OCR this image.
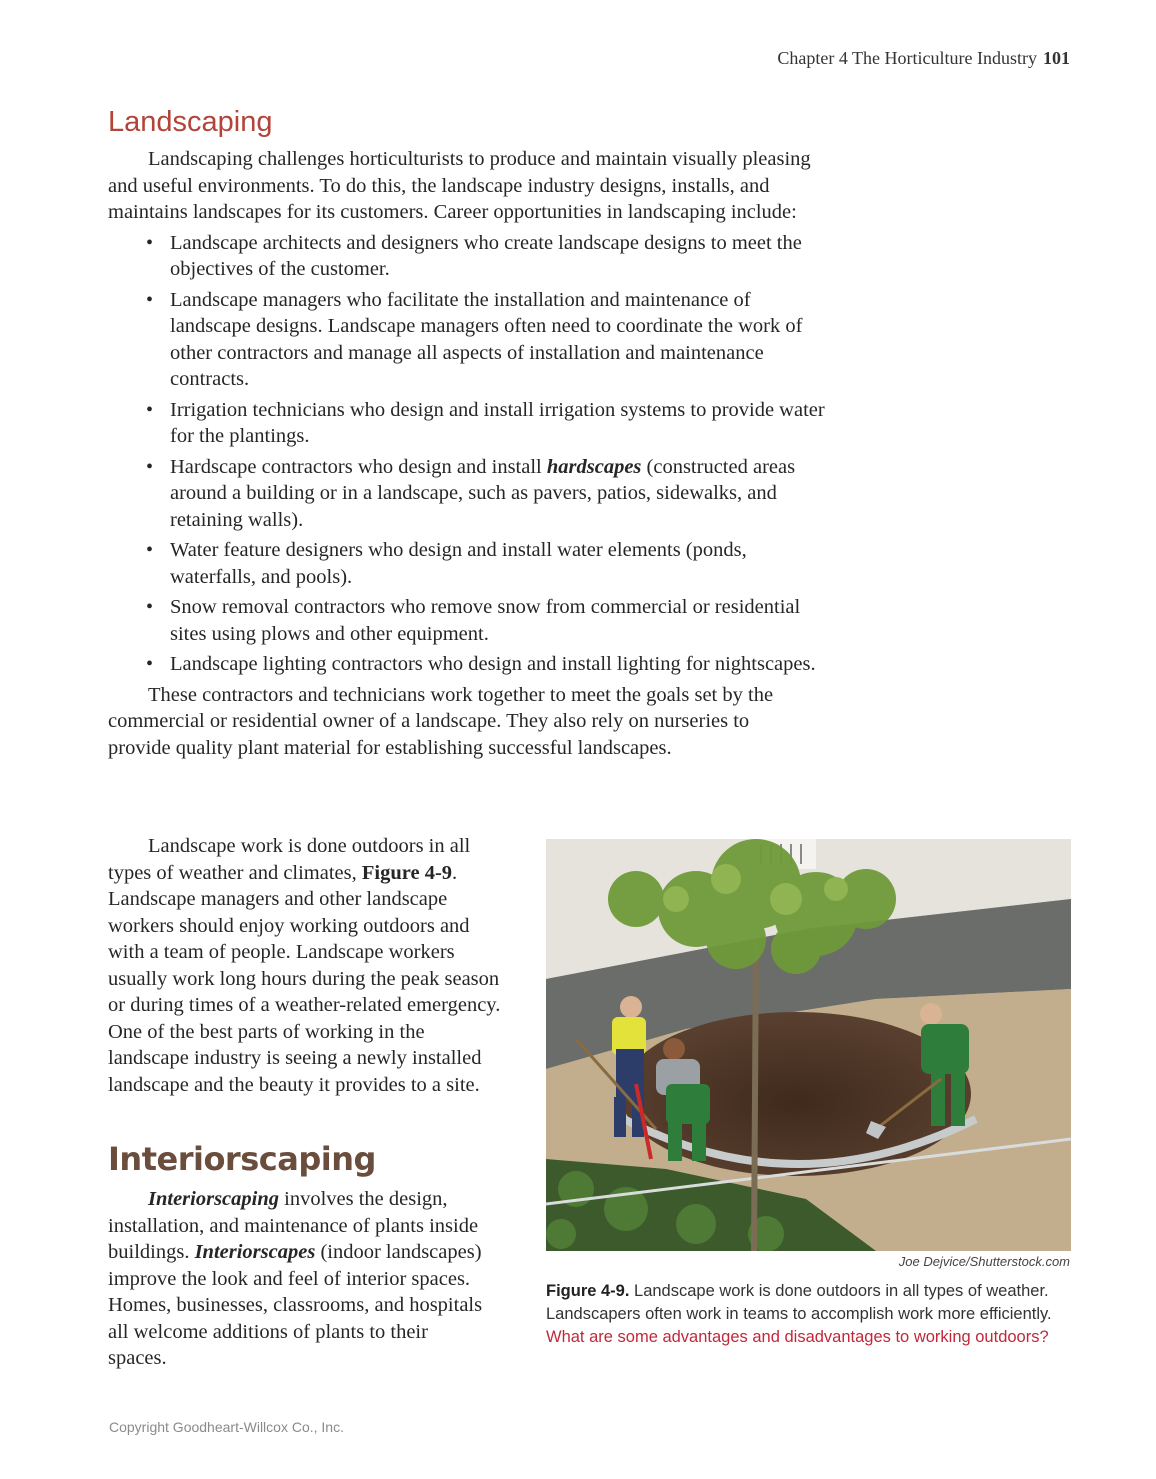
Chapter 4 The Horticulture Industry 101
Landscaping

Landscaping challenges horticulturists to produce and maintain visually pleasing and useful environments. To do this, the landscape industry designs, installs, and maintains landscapes for its customers. Career opportunities in landscaping include:

• Landscape architects and designers who create landscape designs to meet the objectives of the customer.
• Landscape managers who facilitate the installation and maintenance of landscape designs. Landscape managers often need to coordinate the work of other contractors and manage all aspects of installation and maintenance contracts.
• Irrigation technicians who design and install irrigation systems to provide water for the plantings.
• Hardscape contractors who design and install hardscapes (constructed areas around a building or in a landscape, such as pavers, patios, sidewalks, and retaining walls).
• Water feature designers who design and install water elements (ponds, waterfalls, and pools).
• Snow removal contractors who remove snow from commercial or residential sites using plows and other equipment.
• Landscape lighting contractors who design and install lighting for nightscapes.

These contractors and technicians work together to meet the goals set by the commercial or residential owner of a landscape. They also rely on nurseries to provide quality plant material for establishing successful landscapes.

Landscape work is done outdoors in all types of weather and climates, Figure 4-9. Landscape managers and other landscape workers should enjoy working outdoors and with a team of people. Landscape workers usually work long hours during the peak season or during times of a weather-related emergency. One of the best parts of working in the landscape industry is seeing a newly installed landscape and the beauty it provides to a site.

Interiorscaping

Interiorscaping involves the design, installation, and maintenance of plants inside buildings. Interiorscapes (indoor landscapes) improve the look and feel of interior spaces. Homes, businesses, classrooms, and hospitals all welcome additions of plants to their spaces.

Joe Dejvice/Shutterstock.com
Figure 4-9. Landscape work is done outdoors in all types of weather. Landscapers often work in teams to accomplish work more efficiently. What are some advantages and disadvantages to working outdoors?
Copyright Goodheart-Willcox Co., Inc.
